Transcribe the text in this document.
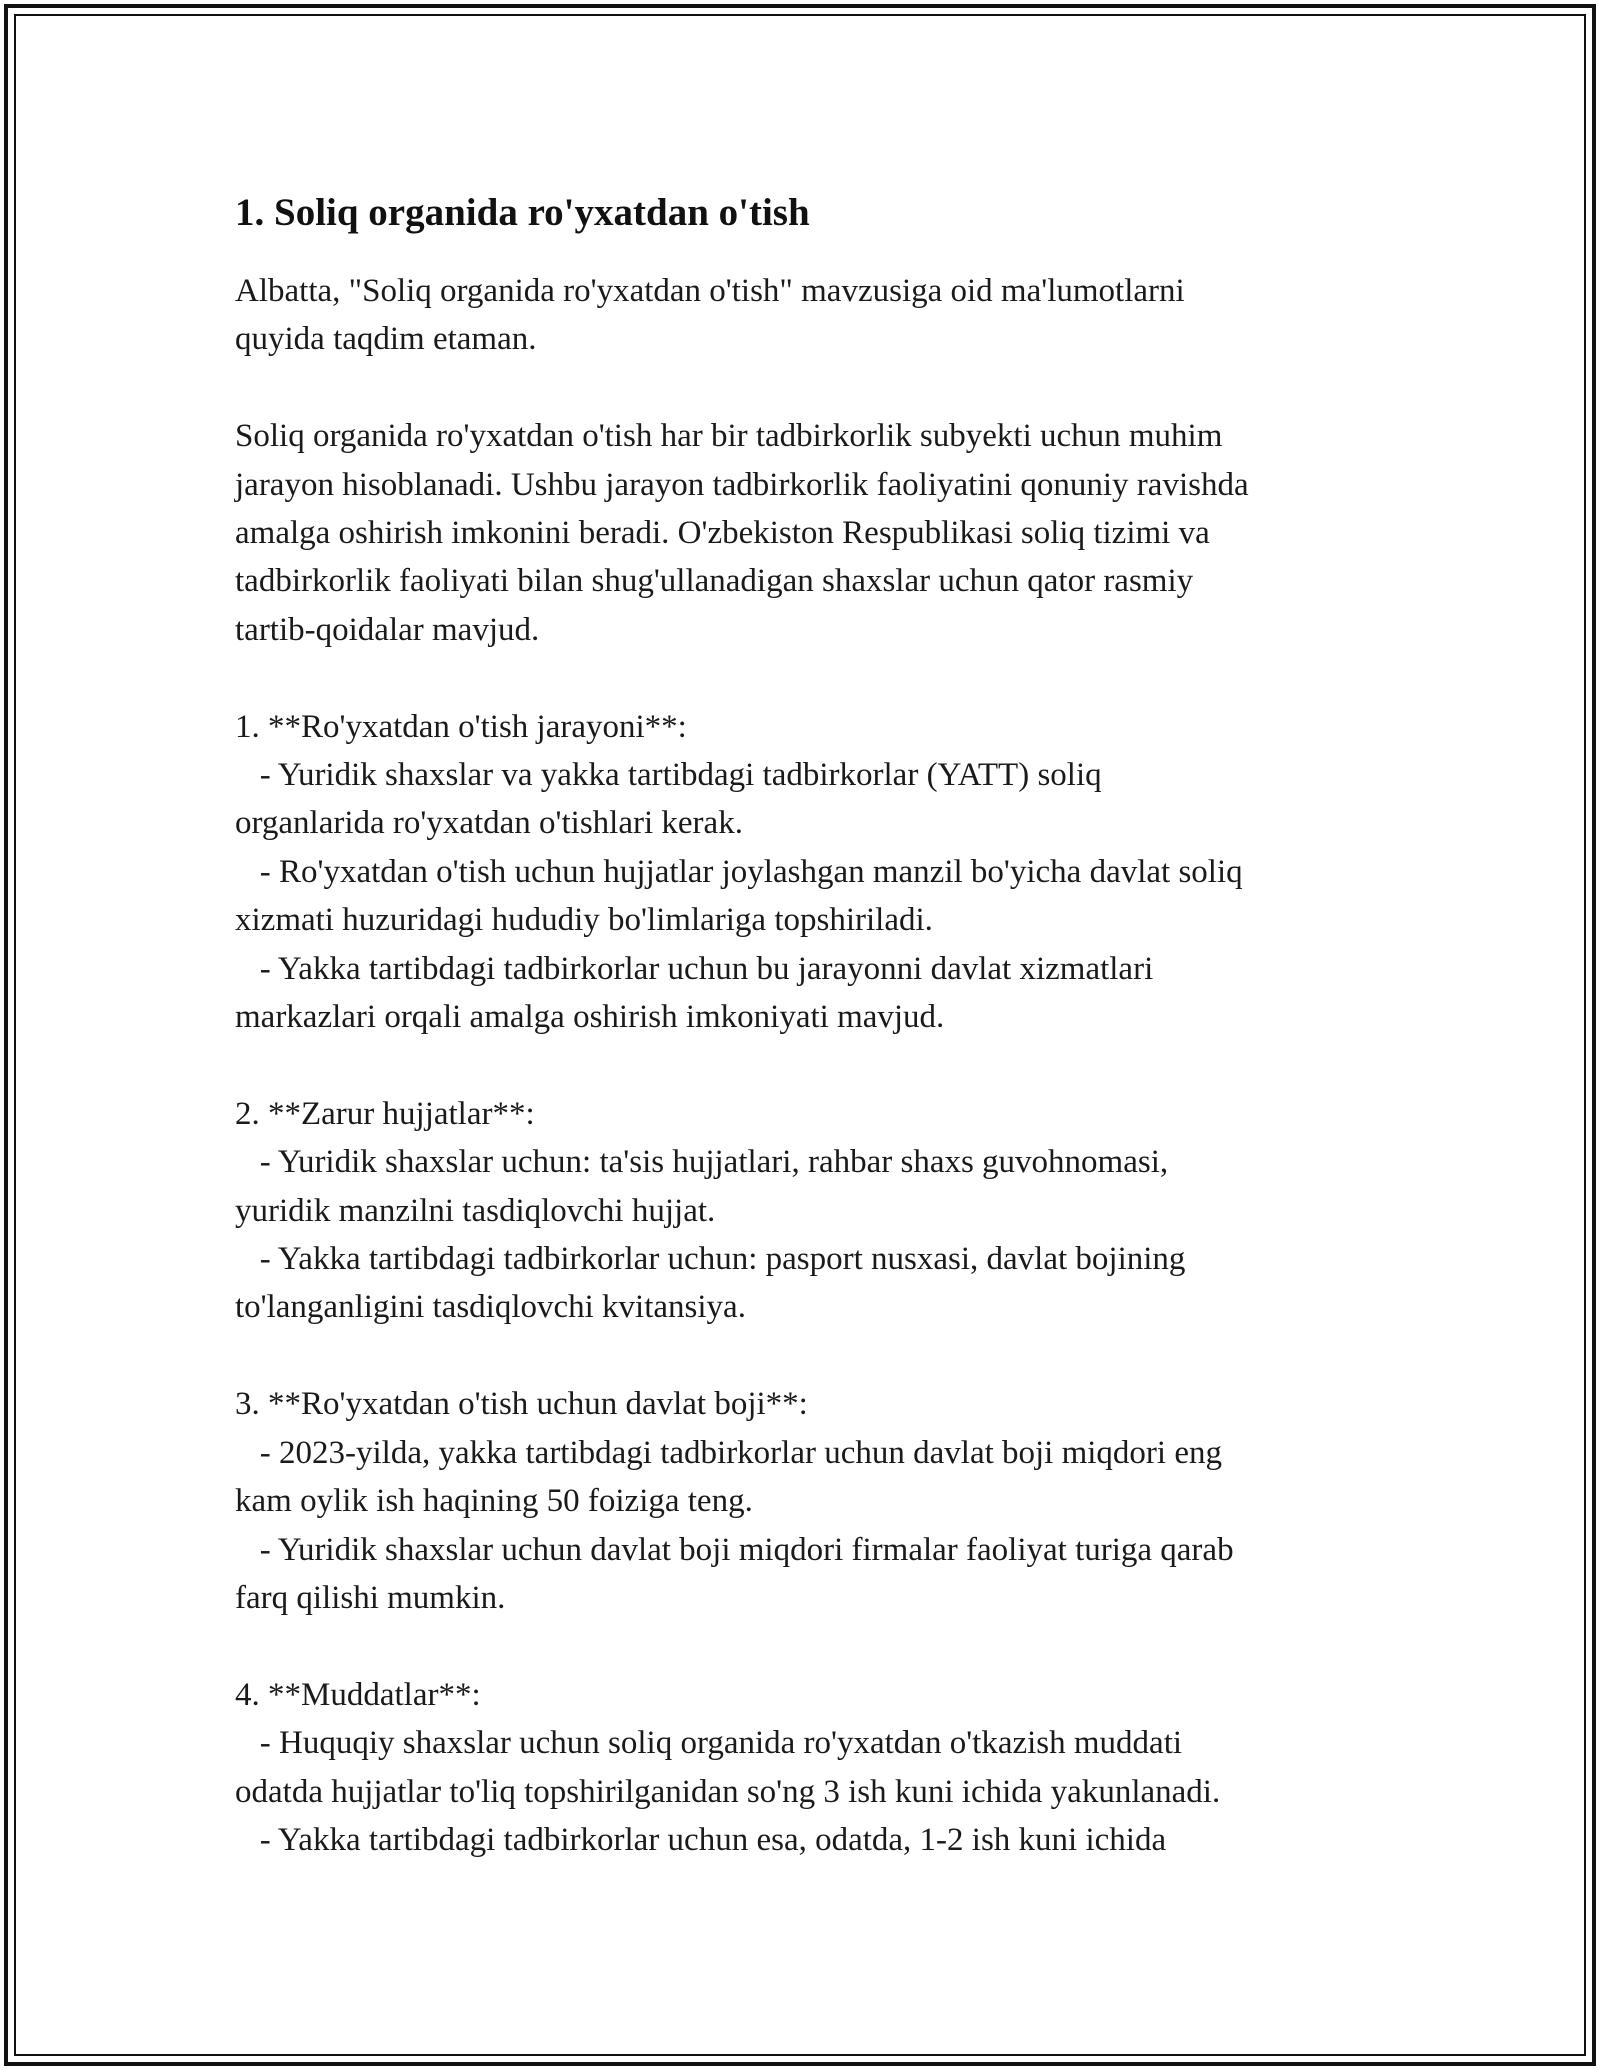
1. Soliq organida ro'yxatdan o'tish

Albatta, "Soliq organida ro'yxatdan o'tish" mavzusiga oid ma'lumotlarni
quyida taqdim etaman.

Soliq organida ro'yxatdan o'tish har bir tadbirkorlik subyekti uchun muhim
jarayon hisoblanadi. Ushbu jarayon tadbirkorlik faoliyatini qonuniy ravishda
amalga oshirish imkonini beradi. O'zbekiston Respublikasi soliq tizimi va
tadbirkorlik faoliyati bilan shug'ullanadigan shaxslar uchun qator rasmiy
tartib-qoidalar mavjud.

1. **Ro'yxatdan o'tish jarayoni**:
- Yuridik shaxslar va yakka tartibdagi tadbirkorlar (YATT) soliq
organlarida ro'yxatdan o'tishlari kerak.
- Ro'yxatdan o'tish uchun hujjatlar joylashgan manzil bo'yicha davlat soliq
xizmati huzuridagi hududiy bo'limlariga topshiriladi.
- Yakka tartibdagi tadbirkorlar uchun bu jarayonni davlat xizmatlari
markazlari orqali amalga oshirish imkoniyati mavjud.

2. **Zarur hujjatlar**:
- Yuridik shaxslar uchun: ta'sis hujjatlari, rahbar shaxs guvohnomasi,
yuridik manzilni tasdiqlovchi hujjat.
- Yakka tartibdagi tadbirkorlar uchun: pasport nusxasi, davlat bojining
to'langanligini tasdiqlovchi kvitansiya.

3. **Ro'yxatdan o'tish uchun davlat boji**:
- 2023-yilda, yakka tartibdagi tadbirkorlar uchun davlat boji miqdori eng
kam oylik ish haqining 50 foiziga teng.
- Yuridik shaxslar uchun davlat boji miqdori firmalar faoliyat turiga qarab
farq qilishi mumkin.

4. **Muddatlar**:
- Huquqiy shaxslar uchun soliq organida ro'yxatdan o'tkazish muddati
odatda hujjatlar to'liq topshirilganidan so'ng 3 ish kuni ichida yakunlanadi.
- Yakka tartibdagi tadbirkorlar uchun esa, odatda, 1-2 ish kuni ichida
